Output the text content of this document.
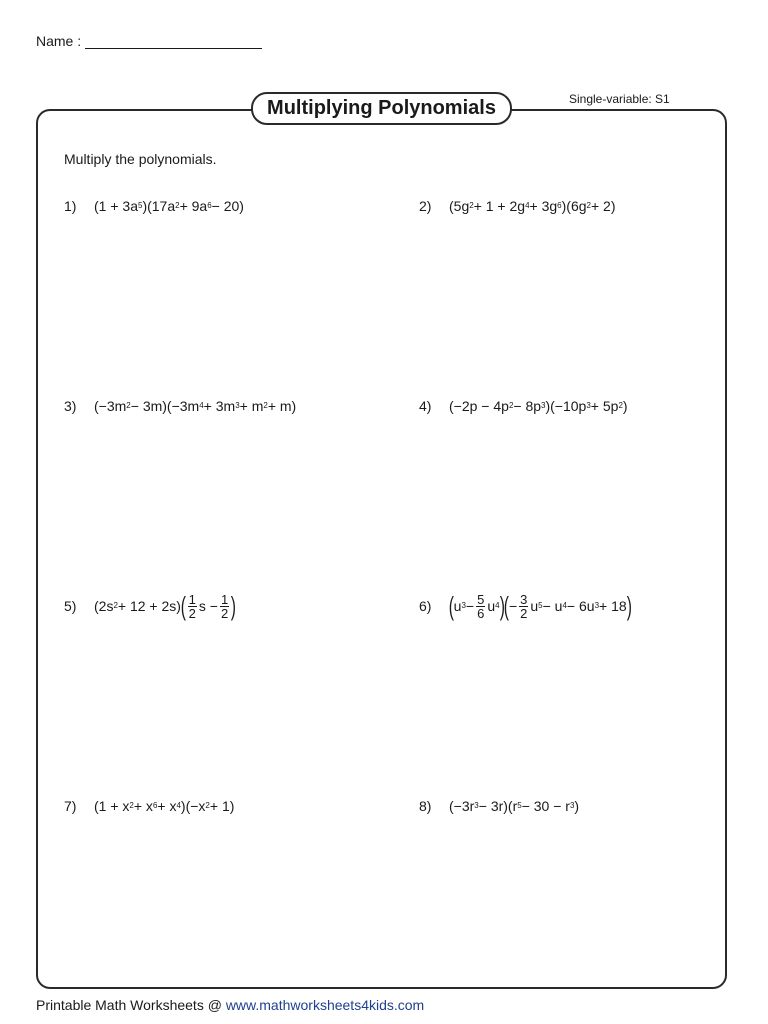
Name :
Multiplying Polynomials	Single-variable: S1
Multiply the polynomials.
1)	(1 + 3a 5 )(17a 2 + 9a 6 − 20)	2)	(5g 2 + 1 + 2g 4 + 3g 6 )(6g 2 + 2)
3)	(−3m 2 − 3m)(−3m 4 + 3m 3 + m 2 + m)	4)	(−2p − 4p 2 − 8p 3 )(−10p 3 + 5p 2 )
5)	(2s 2 + 12 + 2s) ( $\frac{1}{2}$ $s - \frac{1}{2}$ )	6) ( u $3 - \frac{5}{6}$ u 4 ) ( − $\frac{3}{2}$ u 5 − u 4 − 6u 3 + 18 )
7)	(1 + x 2 + x 6 + x 4 )(−x 2 + 1)	8)	(−3r 3 − 3r)(r 5 − 30 − r 3 )
Printable Math Worksheets @ www.mathworksheets4kids.com
